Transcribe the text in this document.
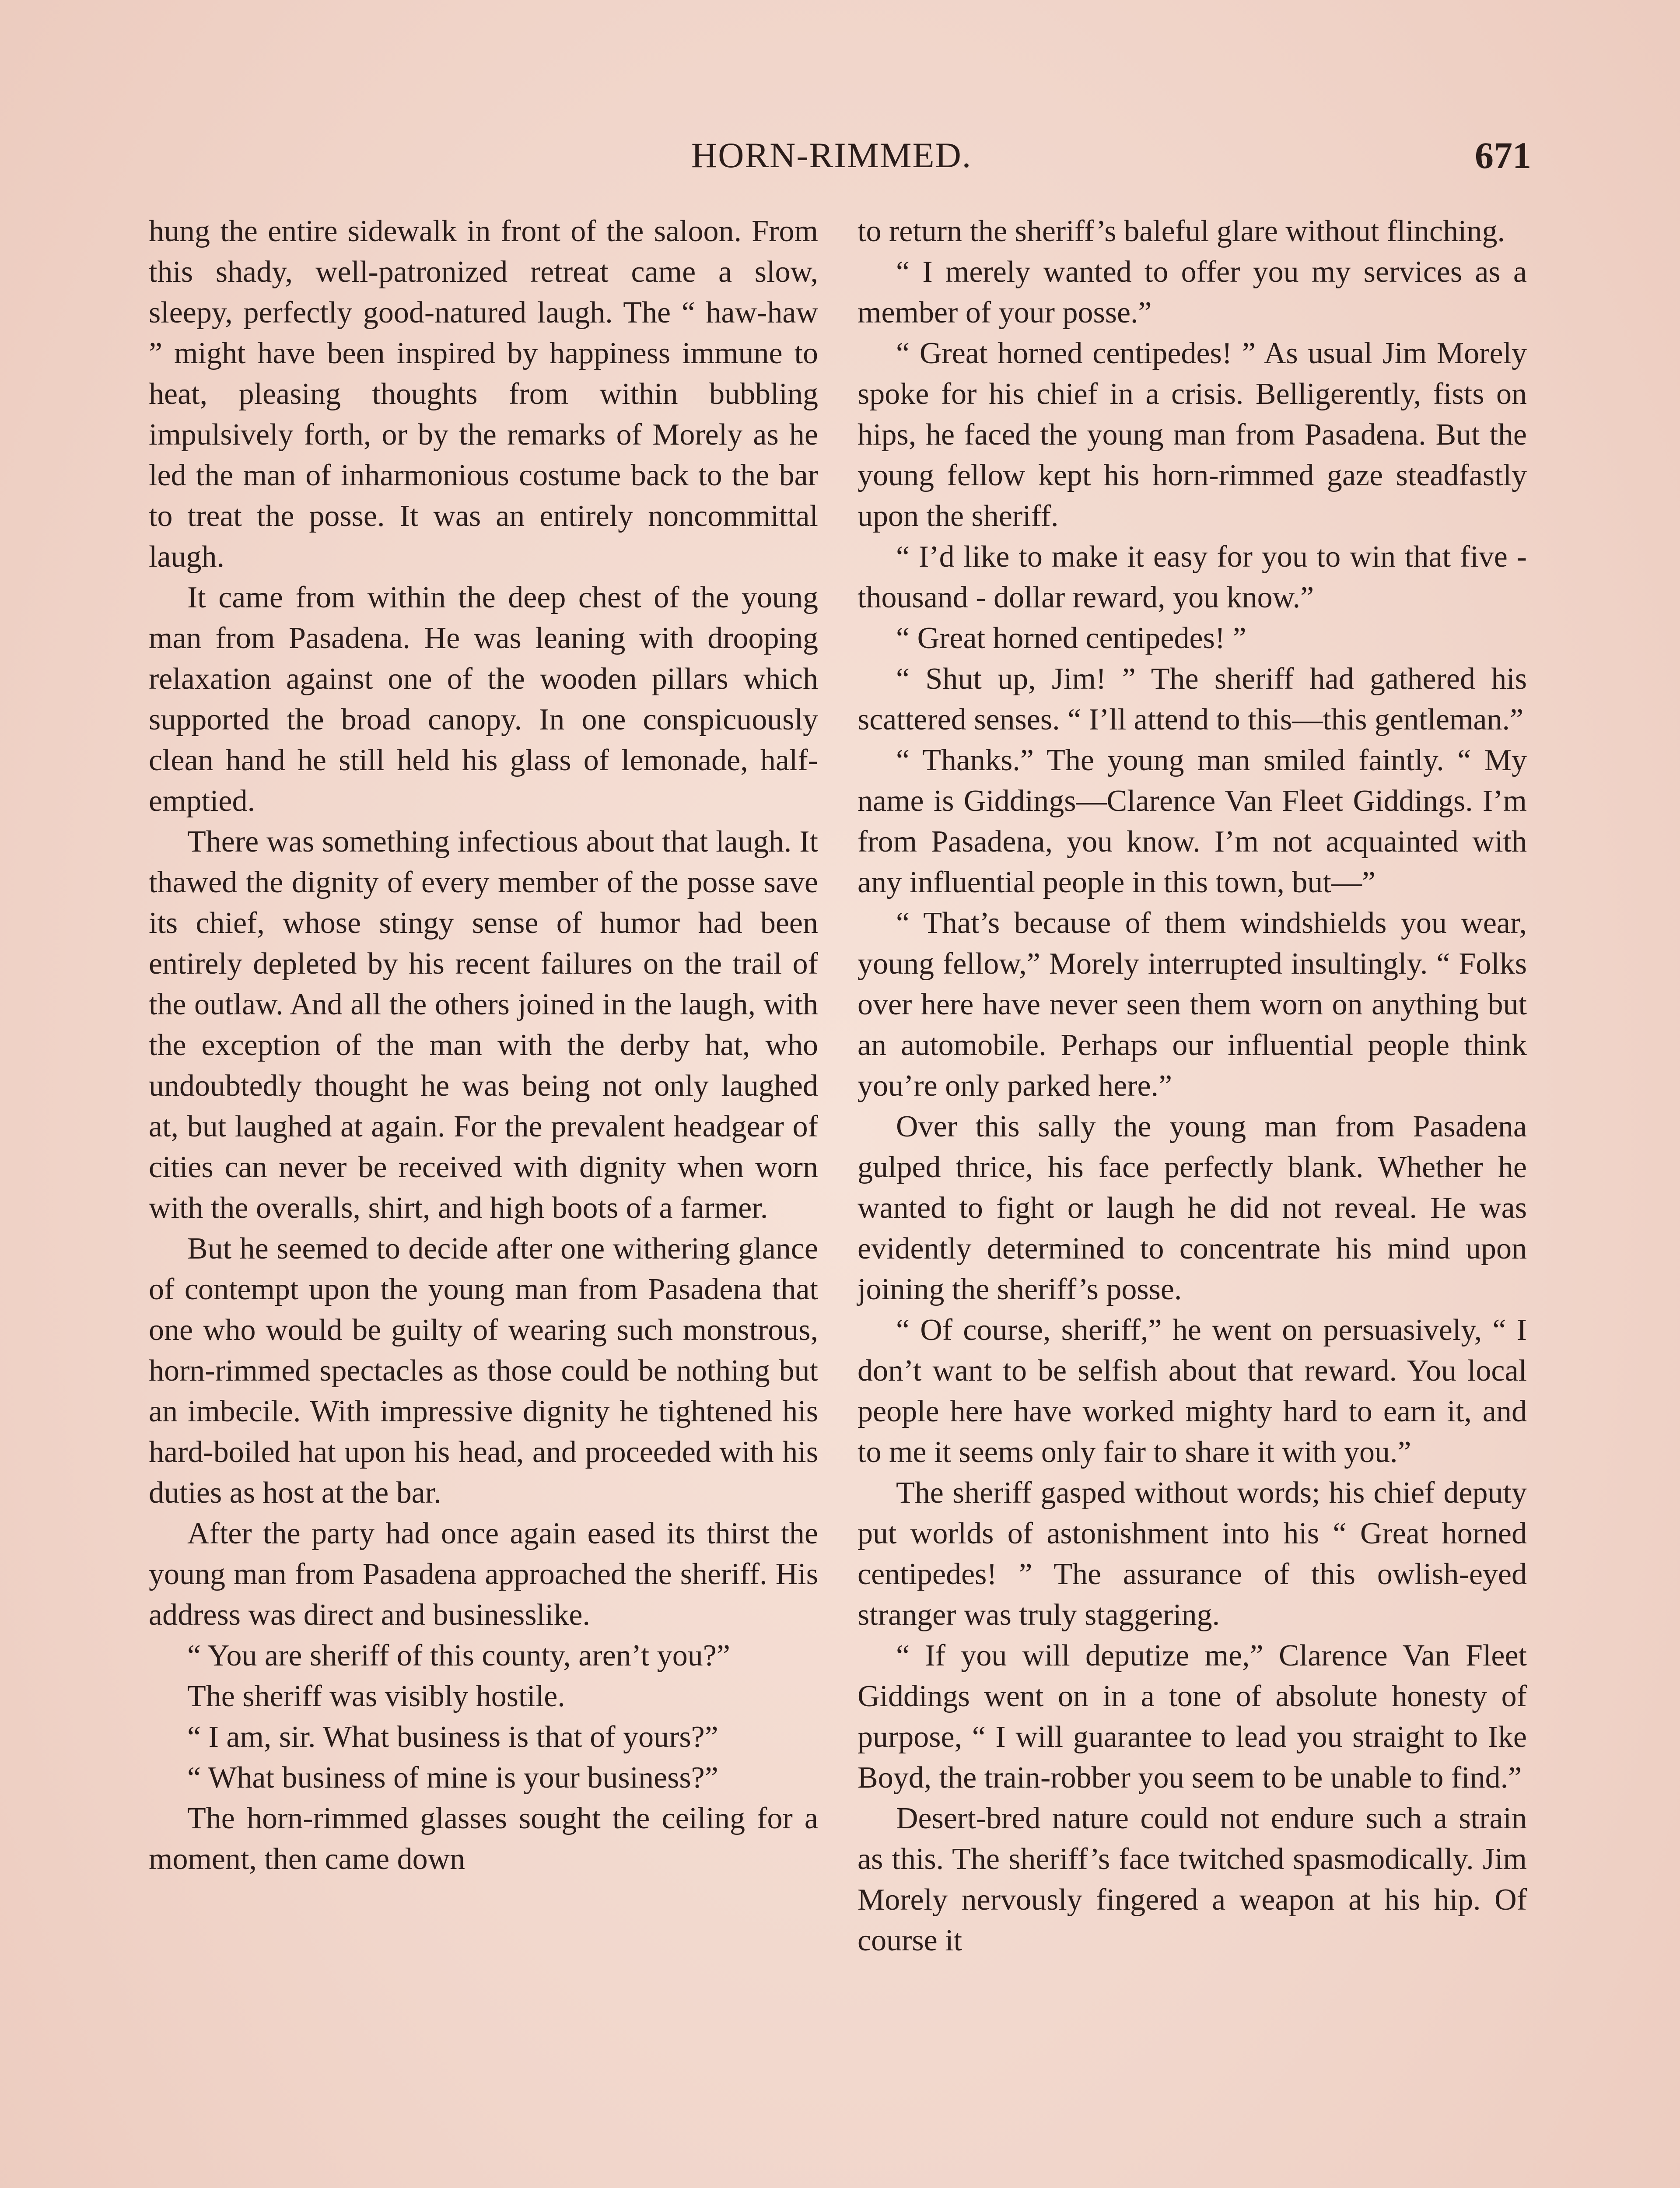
HORN-RIMMED.	671

hung the entire sidewalk in front of the saloon. From this shady, well-patronized retreat came a slow, sleepy, perfectly good-natured laugh. The “ haw-haw ” might have been inspired by happiness immune to heat, pleasing thoughts from within bubbling impulsively forth, or by the remarks of Morely as he led the man of inharmonious costume back to the bar to treat the posse. It was an entirely noncommittal laugh.

It came from within the deep chest of the young man from Pasadena. He was leaning with drooping relaxation against one of the wooden pillars which supported the broad canopy. In one conspicuously clean hand he still held his glass of lemonade, half-emptied.

There was something infectious about that laugh. It thawed the dignity of every member of the posse save its chief, whose stingy sense of humor had been entirely depleted by his recent failures on the trail of the outlaw. And all the others joined in the laugh, with the exception of the man with the derby hat, who undoubtedly thought he was being not only laughed at, but laughed at again. For the prevalent headgear of cities can never be received with dignity when worn with the overalls, shirt, and high boots of a farmer.

But he seemed to decide after one withering glance of contempt upon the young man from Pasadena that one who would be guilty of wearing such monstrous, horn-rimmed spectacles as those could be nothing but an imbecile. With impressive dignity he tightened his hard-boiled hat upon his head, and proceeded with his duties as host at the bar.

After the party had once again eased its thirst the young man from Pasadena approached the sheriff. His address was direct and businesslike.

“ You are sheriff of this county, aren’t you?”

The sheriff was visibly hostile.

“ I am, sir. What business is that of yours?”

“ What business of mine is your business?”

The horn-rimmed glasses sought the ceiling for a moment, then came down

to return the sheriff’s baleful glare without flinching.

“ I merely wanted to offer you my services as a member of your posse.”

“ Great horned centipedes! ” As usual Jim Morely spoke for his chief in a crisis. Belligerently, fists on hips, he faced the young man from Pasadena. But the young fellow kept his horn-rimmed gaze steadfastly upon the sheriff.

“ I’d like to make it easy for you to win that five - thousand - dollar reward, you know.”

“ Great horned centipedes! ”

“ Shut up, Jim! ” The sheriff had gathered his scattered senses. “ I’ll attend to this—this gentleman.”

“ Thanks.” The young man smiled faintly. “ My name is Giddings—Clarence Van Fleet Giddings. I’m from Pasadena, you know. I’m not acquainted with any influential people in this town, but—”

“ That’s because of them windshields you wear, young fellow,” Morely interrupted insultingly. “ Folks over here have never seen them worn on anything but an automobile. Perhaps our influential people think you’re only parked here.”

Over this sally the young man from Pasadena gulped thrice, his face perfectly blank. Whether he wanted to fight or laugh he did not reveal. He was evidently determined to concentrate his mind upon joining the sheriff’s posse.

“ Of course, sheriff,” he went on persuasively, “ I don’t want to be selfish about that reward. You local people here have worked mighty hard to earn it, and to me it seems only fair to share it with you.”

The sheriff gasped without words; his chief deputy put worlds of astonishment into his “ Great horned centipedes! ” The assurance of this owlish-eyed stranger was truly staggering.

“ If you will deputize me,” Clarence Van Fleet Giddings went on in a tone of absolute honesty of purpose, “ I will guarantee to lead you straight to Ike Boyd, the train-robber you seem to be unable to find.”

Desert-bred nature could not endure such a strain as this. The sheriff’s face twitched spasmodically. Jim Morely nervously fingered a weapon at his hip. Of course it
